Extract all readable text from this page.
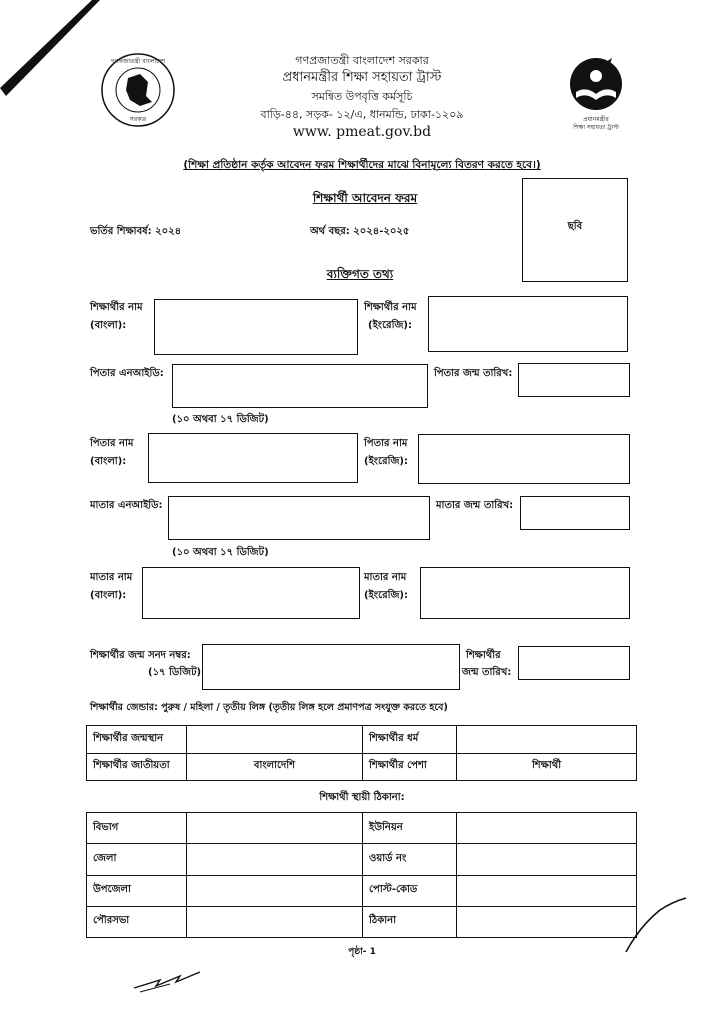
গণপ্রজাতন্ত্রী বাংলাদেশ
সরকার	প্রধানমন্ত্রীর
শিক্ষা সহায়তা ট্রাস্ট
গণপ্রজাতন্ত্রী বাংলাদেশ সরকার
প্রধানমন্ত্রীর শিক্ষা সহায়তা ট্রাস্ট
সমন্বিত উপবৃত্তি কর্মসূচি
বাড়ি-৪৪, সড়ক- ১২/এ, ধানমন্ডি, ঢাকা-১২০৯
www. pmeat.gov.bd
(শিক্ষা প্রতিষ্ঠান কর্তৃক আবেদন ফরম শিক্ষার্থীদের মাঝে বিনামূল্যে বিতরণ করতে হবে।)
শিক্ষার্থী আবেদন ফরম
ছবি
ভর্তির শিক্ষাবর্ষ: ২০২৪	অর্থ বছর: ২০২৪-২০২৫
ব্যক্তিগত তথ্য
শিক্ষার্থীর নাম
(বাংলা):
শিক্ষার্থীর নাম
(ইংরেজি):
পিতার এনআইডি:	পিতার জন্ম তারিখ:
(১০ অথবা ১৭ ডিজিট)
পিতার নাম
(বাংলা):
পিতার নাম
(ইংরেজি):
মাতার এনআইডি:	মাতার জন্ম তারিখ:
(১০ অথবা ১৭ ডিজিট)
মাতার নাম
(বাংলা):
মাতার নাম
(ইংরেজি):
শিক্ষার্থীর জন্ম সনদ নম্বর:
(১৭ ডিজিট)
শিক্ষার্থীর
জন্ম তারিখ:
শিক্ষার্থীর জেন্ডার: পুরুষ / মহিলা / তৃতীয় লিঙ্গ (তৃতীয় লিঙ্গ হলে প্রমাণপত্র সংযুক্ত করতে হবে)
শিক্ষার্থীর জন্মস্থান		শিক্ষার্থীর ধর্ম	
শিক্ষার্থীর জাতীয়তা	বাংলাদেশি	শিক্ষার্থীর পেশা	শিক্ষার্থী
শিক্ষার্থী স্থায়ী ঠিকানা:
বিভাগ		ইউনিয়ন	
জেলা		ওয়ার্ড নং	
উপজেলা		পোস্ট-কোড	
পৌরসভা		ঠিকানা	
পৃষ্ঠা- 1
